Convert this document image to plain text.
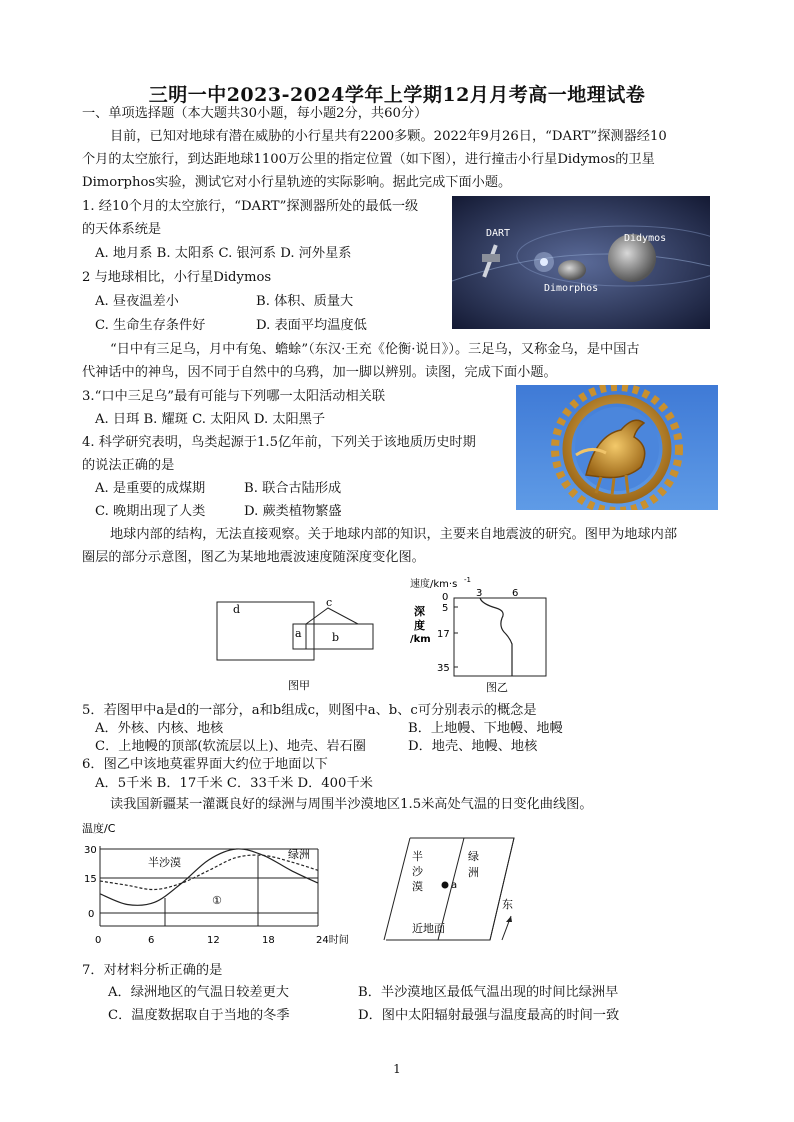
三明一中2023-2024学年上学期12月月考高一地理试卷
一、单项选择题（本大题共30小题，每小题2分，共60分）
目前，已知对地球有潜在威胁的小行星共有2200多颗。2022年9月26日，“DART”探测器经10
个月的太空旅行，到达距地球1100万公里的指定位置（如下图），进行撞击小行星Didymos的卫星
Dimorphos实验，测试它对小行星轨迹的实际影响。据此完成下面小题。
1. 经10个月的太空旅行，“DART”探测器所处的最低一级
的天体系统是
A. 地月系 B. 太阳系 C. 银河系 D. 河外星系
2 与地球相比，小行星Didymos
A. 昼夜温差小	B. 体积、质量大
C. 生命生存条件好	D. 表面平均温度低
DART	Didymos
Dimorphos
“日中有三足乌，月中有兔、蟾蜍”（东汉·王充《伦衡·说日》）。三足乌，又称金乌，是中国古
代神话中的神鸟，因不同于自然中的乌鸦，加一脚以辨别。读图，完成下面小题。
3.“口中三足乌”最有可能与下列哪一太阳活动相关联
A. 日珥 B. 耀斑 C. 太阳风 D. 太阳黑子
4. 科学研究表明，鸟类起源于1.5亿年前，下列关于该地质历史时期
的说法正确的是
A. 是重要的成煤期	B. 联合古陆形成
C. 晚期出现了人类	D. 蕨类植物繁盛
地球内部的结构，无法直接观察。关于地球内部的知识，主要来自地震波的研究。图甲为地球内部
圈层的部分示意图，图乙为某地地震波速度随深度变化图。
d
c
a	b
图甲
速度/km·s -1
3	6
0
5
17
35
深
度
/km
图乙
5．若图甲中a是d的一部分，a和b组成c，则图中a、b、c可分别表示的概念是
A．外核、内核、地核	B．上地幔、下地幔、地幔
C．上地幔的顶部(软流层以上)、地壳、岩石圈	D．地壳、地幔、地核
6．图乙中该地莫霍界面大约位于地面以下
A．5千米 B．17千米 C．33千米 D．400千米
读我国新疆某一灌溉良好的绿洲与周围半沙漠地区1.5米高处气温的日变化曲线图。
温度/C
30
15
0
0	6	12	18	24时间
半沙漠
绿洲
①
半
沙
漠
绿
洲
a
近地面
东
7．对材料分析正确的是
A．绿洲地区的气温日较差更大	B．半沙漠地区最低气温出现的时间比绿洲早
C．温度数据取自于当地的冬季	D．图中太阳辐射最强与温度最高的时间一致
1
